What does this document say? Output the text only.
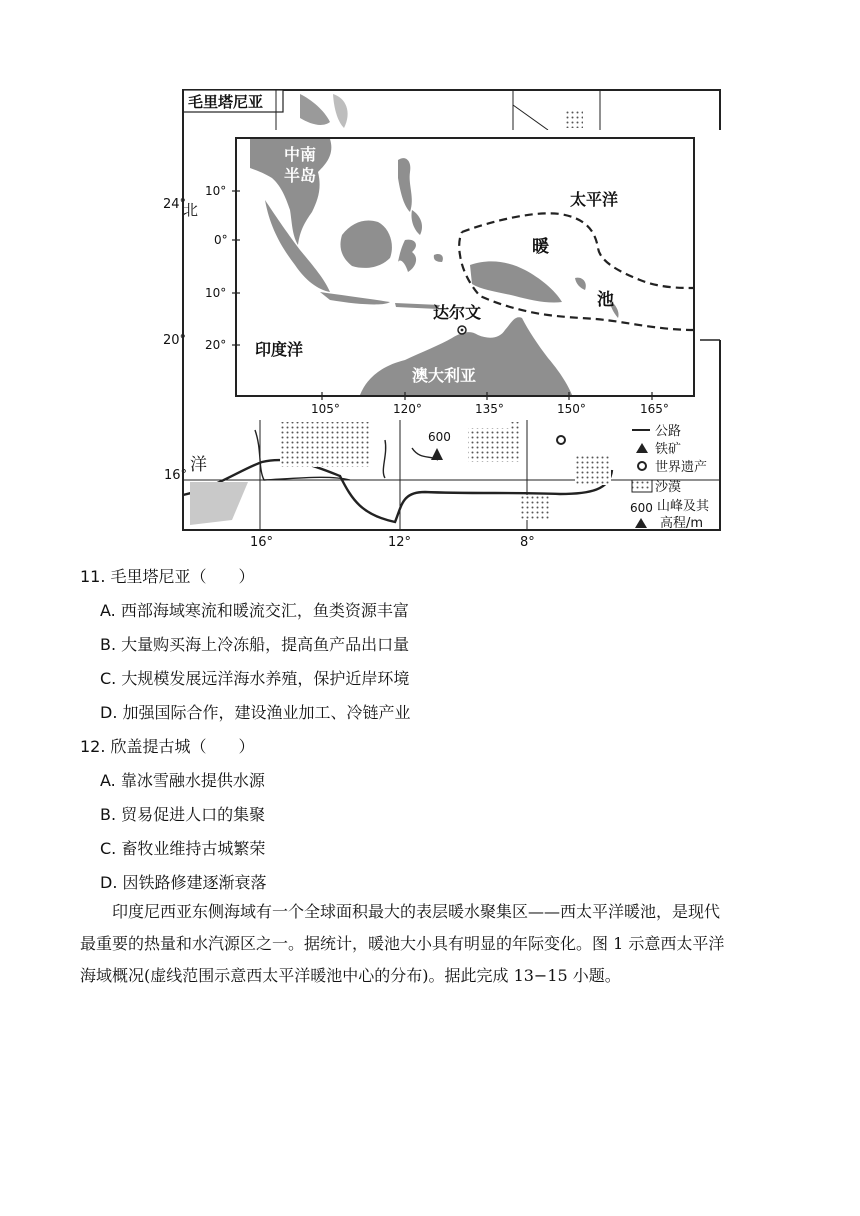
毛里塔尼亚
600
24°
北
20°
16°
洋
16°	12°	8°
公路
铁矿
世界遗产
沙漠
600 山峰及其
高程/m
中南
半岛
太平洋
暖
池
达尔文
印度洋
澳大利亚
10°
0°
10°
20°
105°	120°	135°	150°	165°
11. 毛里塔尼亚（　　）
A. 西部海域寒流和暖流交汇，鱼类资源丰富
B. 大量购买海上冷冻船，提高鱼产品出口量
C. 大规模发展远洋海水养殖，保护近岸环境
D. 加强国际合作，建设渔业加工、冷链产业
12. 欣盖提古城（　　）
A. 靠冰雪融水提供水源
B. 贸易促进人口的集聚
C. 畜牧业维持古城繁荣
D. 因铁路修建逐渐衰落
印度尼西亚东侧海域有一个全球面积最大的表层暖水聚集区——西太平洋暖池，是现代
最重要的热量和水汽源区之一。据统计，暖池大小具有明显的年际变化。图 1 示意西太平洋
海域概况(虚线范围示意西太平洋暖池中心的分布)。据此完成 13−15 小题。
